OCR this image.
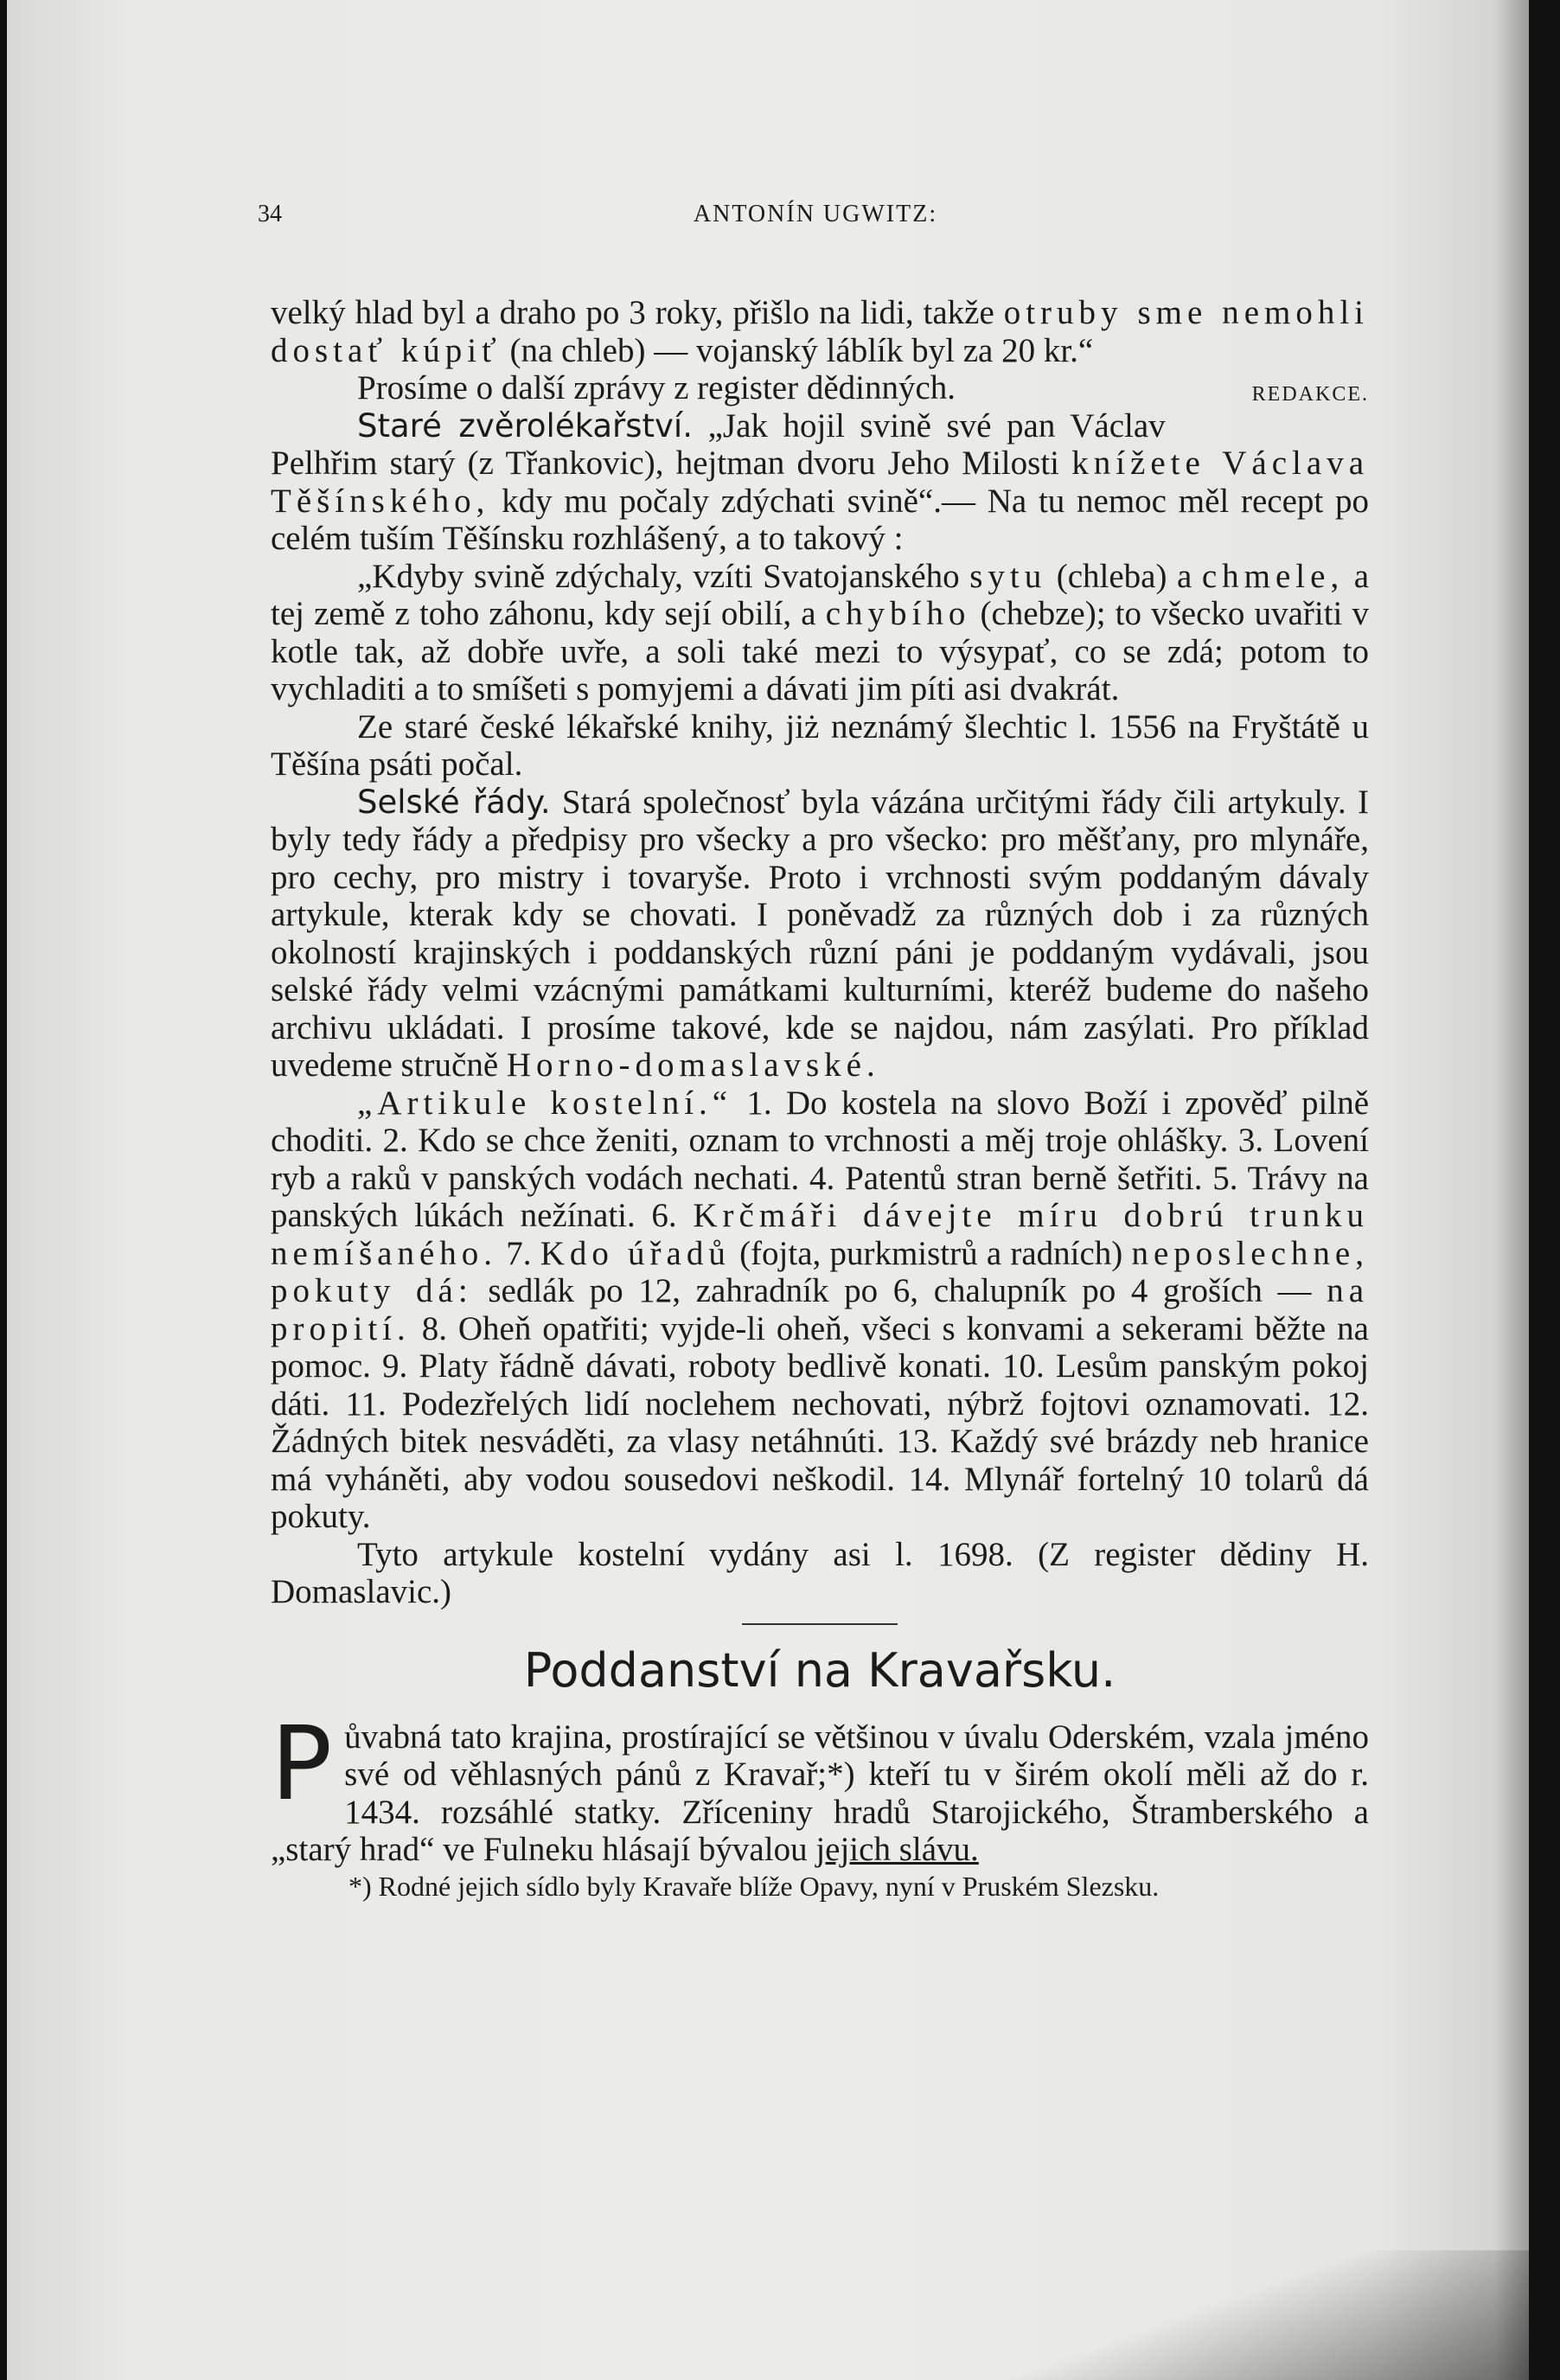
34	ANTONÍN UGWITZ:

velký hlad byl a draho po 3 roky, přišlo na lidi, takže otruby sme nemohli dostať kúpiť (na chleb) — vojanský láblík byl za 20 kr.“

Prosíme o další zprávy z register dědinných.	REDAKCE.

Staré zvěrolékařství. „Jak hojil svině své pan Václav Pelhřim starý (z Třankovic), hejtman dvoru Jeho Milosti knížete Václava Těšínského, kdy mu počaly zdýchati svině“.— Na tu nemoc měl recept po celém tuším Těšínsku rozhlášený, a to takový :

„Kdyby svině zdýchaly, vzíti Svatojanského sytu (chleba) a chmele, a tej země z toho záhonu, kdy sejí obilí, a chybího (chebze); to všecko uvařiti v kotle tak, až dobře uvře, a soli také mezi to výsypať, co se zdá; potom to vychladiti a to smíšeti s pomyjemi a dávati jim píti asi dvakrát.

Ze staré české lékařské knihy, jiż neznámý šlechtic l. 1556 na Fryštátě u Těšína psáti počal.

Selské řády. Stará společnosť byla vázána určitými řády čili artykuly. I byly tedy řády a předpisy pro všecky a pro všecko: pro měšťany, pro mlynáře, pro cechy, pro mistry i tovaryše. Proto i vrchnosti svým poddaným dávaly artykule, kterak kdy se chovati. I poněvadž za různých dob i za různých okolností krajinských i poddanských různí páni je poddaným vydávali, jsou selské řády velmi vzácnými památkami kulturními, kteréž budeme do našeho archivu ukládati. I prosíme takové, kde se najdou, nám zasýlati. Pro příklad uvedeme stručně Horno-domaslavské.

„Artikule kostelní.“ 1. Do kostela na slovo Boží i zpověď pilně choditi. 2. Kdo se chce ženiti, oznam to vrchnosti a měj troje ohlášky. 3. Lovení ryb a raků v panských vodách nechati. 4. Patentů stran berně šetřiti. 5. Trávy na panských lúkách nežínati. 6. Krčmáři dávejte míru dobrú trunku nemíšaného. 7. Kdo úřadů (fojta, purkmistrů a radních) neposlechne, pokuty dá: sedlák po 12, zahradník po 6, chalupník po 4 groších — na propití. 8. Oheň opatřiti; vyjde-li oheň, všeci s konvami a sekerami běžte na pomoc. 9. Platy řádně dávati, roboty bedlivě konati. 10. Lesům panským pokoj dáti. 11. Podezřelých lidí noclehem nechovati, nýbrž fojtovi oznamovati. 12. Žádných bitek nesváděti, za vlasy netáhnúti. 13. Každý své brázdy neb hranice má vyháněti, aby vodou sousedovi neškodil. 14. Mlynář fortelný 10 tolarů dá pokuty.

Tyto artykule kostelní vydány asi l. 1698. (Z register dědiny H. Domaslavic.)

Poddanství na Kravařsku.

P ůvabná tato krajina, prostírající se většinou v úvalu Oderském, vzala jméno své od věhlasných pánů z Kravař;*) kteří tu v širém okolí měli až do r. 1434. rozsáhlé statky. Zříceniny hradů Starojického, Štramberského a „starý hrad“ ve Fulneku hlásají bývalou jejich slávu.

*) Rodné jejich sídlo byly Kravaře blíže Opavy, nyní v Pruském Slezsku.
